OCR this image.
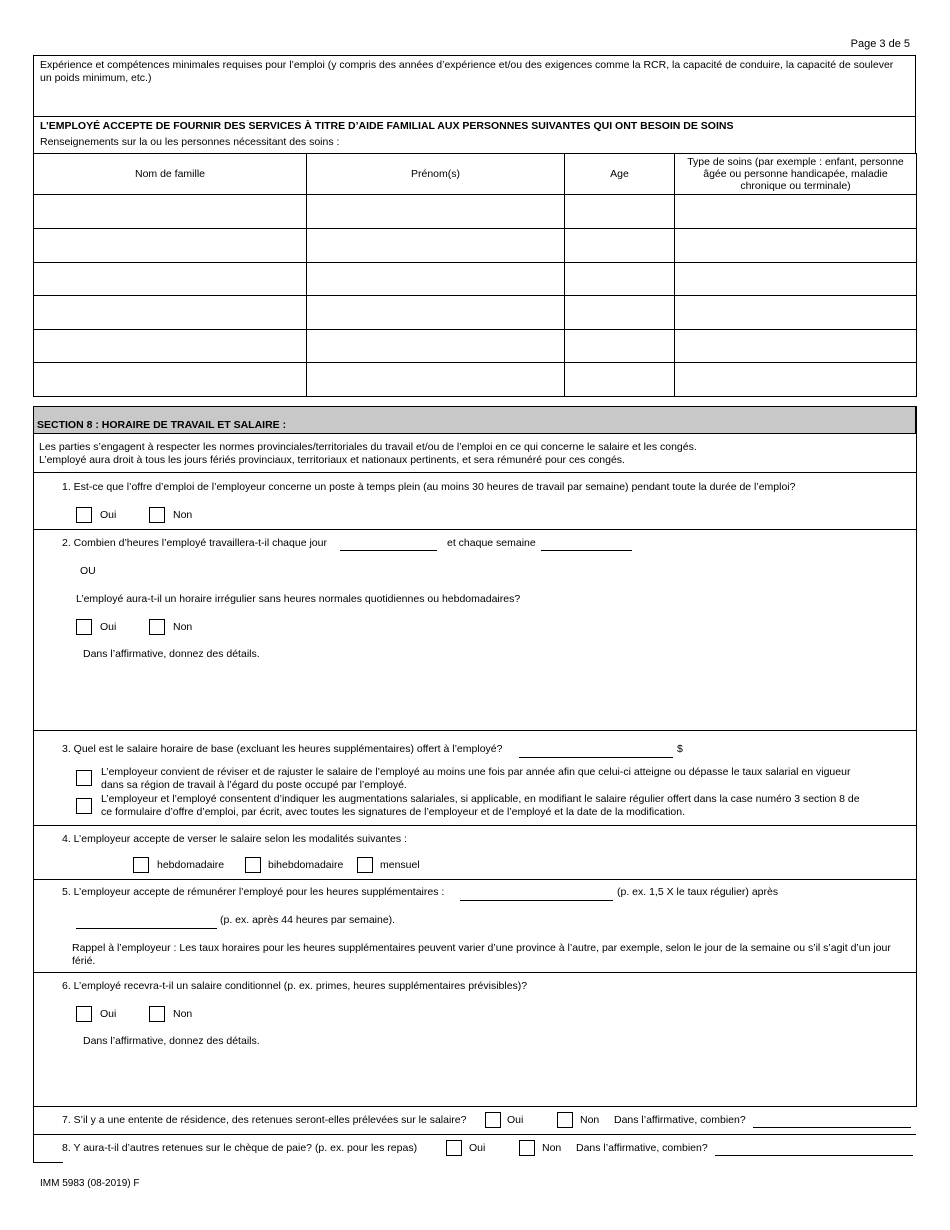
Page 3 de 5
Expérience et compétences minimales requises pour l’emploi (y compris des années d’expérience et/ou des exigences comme la RCR, la capacité de conduire, la capacité de soulever un poids minimum, etc.)
L’EMPLOYÉ ACCEPTE DE FOURNIR DES SERVICES À TITRE D’AIDE FAMILIAL AUX PERSONNES SUIVANTES QUI ONT BESOIN DE SOINS
Renseignements sur la ou les personnes nécessitant des soins :
Nom de famille	Prénom(s)	Age	Type de soins (par exemple : enfant, personne âgée ou personne handicapée, maladie chronique ou terminale)

SECTION 8 : HORAIRE DE TRAVAIL ET SALAIRE :
Les parties s’engagent à respecter les normes provinciales/territoriales du travail et/ou de l’emploi en ce qui concerne le salaire et les congés.
L’employé aura droit à tous les jours fériés provinciaux, territoriaux et nationaux pertinents, et sera rémunéré pour ces congés.
1. Est-ce que l’offre d’emploi de l’employeur concerne un poste à temps plein (au moins 30 heures de travail par semaine) pendant toute la durée de l’emploi?
Oui	Non
2. Combien d’heures l’employé travaillera-t-il chaque jour	et chaque semaine
OU
L’employé aura-t-il un horaire irrégulier sans heures normales quotidiennes ou hebdomadaires?
Oui	Non
Dans l’affirmative, donnez des détails.
3. Quel est le salaire horaire de base (excluant les heures supplémentaires) offert à l’employé?	$
L’employeur convient de réviser et de rajuster le salaire de l’employé au moins une fois par année afin que celui-ci atteigne ou dépasse le taux salarial en vigueur dans sa région de travail à l’égard du poste occupé par l’employé.
L’employeur et l’employé consentent d’indiquer les augmentations salariales, si applicable, en modifiant le salaire régulier offert dans la case numéro 3 section 8 de ce formulaire d’offre d’emploi, par écrit, avec toutes les signatures de l’employeur et de l’employé et la date de la modification.
4. L’employeur accepte de verser le salaire selon les modalités suivantes :
hebdomadaire	bihebdomadaire	mensuel
5. L’employeur accepte de rémunérer l’employé pour les heures supplémentaires :	(p. ex. 1,5 X le taux régulier) après
(p. ex. après 44 heures par semaine).
Rappel à l’employeur : Les taux horaires pour les heures supplémentaires peuvent varier d’une province à l’autre, par exemple, selon le jour de la semaine ou s’il s’agit d’un jour férié.
6. L’employé recevra-t-il un salaire conditionnel (p. ex. primes, heures supplémentaires prévisibles)?
Oui	Non
Dans l’affirmative, donnez des détails.
7. S’il y a une entente de résidence, des retenues seront-elles prélevées sur le salaire?	Oui	Non Dans l’affirmative, combien?
8. Y aura-t-il d’autres retenues sur le chèque de paie? (p. ex. pour les repas)	Oui	Non Dans l’affirmative, combien?
IMM 5983 (08-2019) F
